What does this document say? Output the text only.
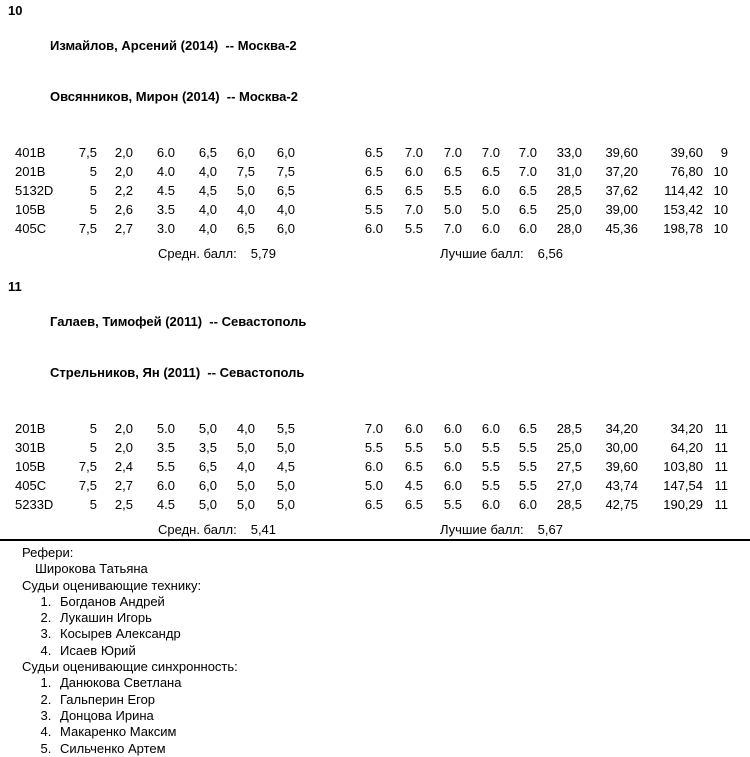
10

Измайлов, Арсений (2014)  -- Москва-2

Овсянников, Мирон (2014)  -- Москва-2

401B	7,5	2,0	6.0	6,5	6,0	6,0	6.5	7.0	7.0	7.0	7.0	33,0	39,60	39,60	9	
201B	5	2,0	4.0	4,0	7,5	7,5	6.5	6.0	6.5	6.5	7.0	31,0	37,20	76,80	10	
5132D	5	2,2	4.5	4,5	5,0	6,5	6.5	6.5	5.5	6.0	6.5	28,5	37,62	114,42	10	
105B	5	2,6	3.5	4,0	4,0	4,0	5.5	7.0	5.0	5.0	6.5	25,0	39,00	153,42	10	
405C	7,5	2,7	3.0	4,0	6,5	6,0	6.0	5.5	7.0	6.0	6.0	28,0	45,36	198,78	10	
Средн. балл: 5,79	Лучшие балл: 6,56
11

Галаев, Тимофей (2011)  -- Севастополь

Стрельников, Ян (2011)  -- Севастополь

201B	5	2,0	5.0	5,0	4,0	5,5	7.0	6.0	6.0	6.0	6.5	28,5	34,20	34,20	11	
301B	5	2,0	3.5	3,5	5,0	5,0	5.5	5.5	5.0	5.5	5.5	25,0	30,00	64,20	11	
105B	7,5	2,4	5.5	6,5	4,0	4,5	6.0	6.5	6.0	5.5	5.5	27,5	39,60	103,80	11	
405C	7,5	2,7	6.0	6,0	5,0	5,0	5.0	4.5	6.0	5.5	5.5	27,0	43,74	147,54	11	
5233D	5	2,5	4.5	5,0	5,0	5,0	6.5	6.5	5.5	6.0	6.0	28,5	42,75	190,29	11	
Средн. балл: 5,41	Лучшие балл: 5,67
Рефери:
Широкова Татьяна
Судьи оценивающие технику:
1. Богданов Андрей
2. Лукашин Игорь
3. Косырев Александр
4. Исаев Юрий
Судьи оценивающие синхронность:
1. Данюкова Светлана
2. Гальперин Егор
3. Донцова Ирина
4. Макаренко Максим
5. Сильченко Артем
